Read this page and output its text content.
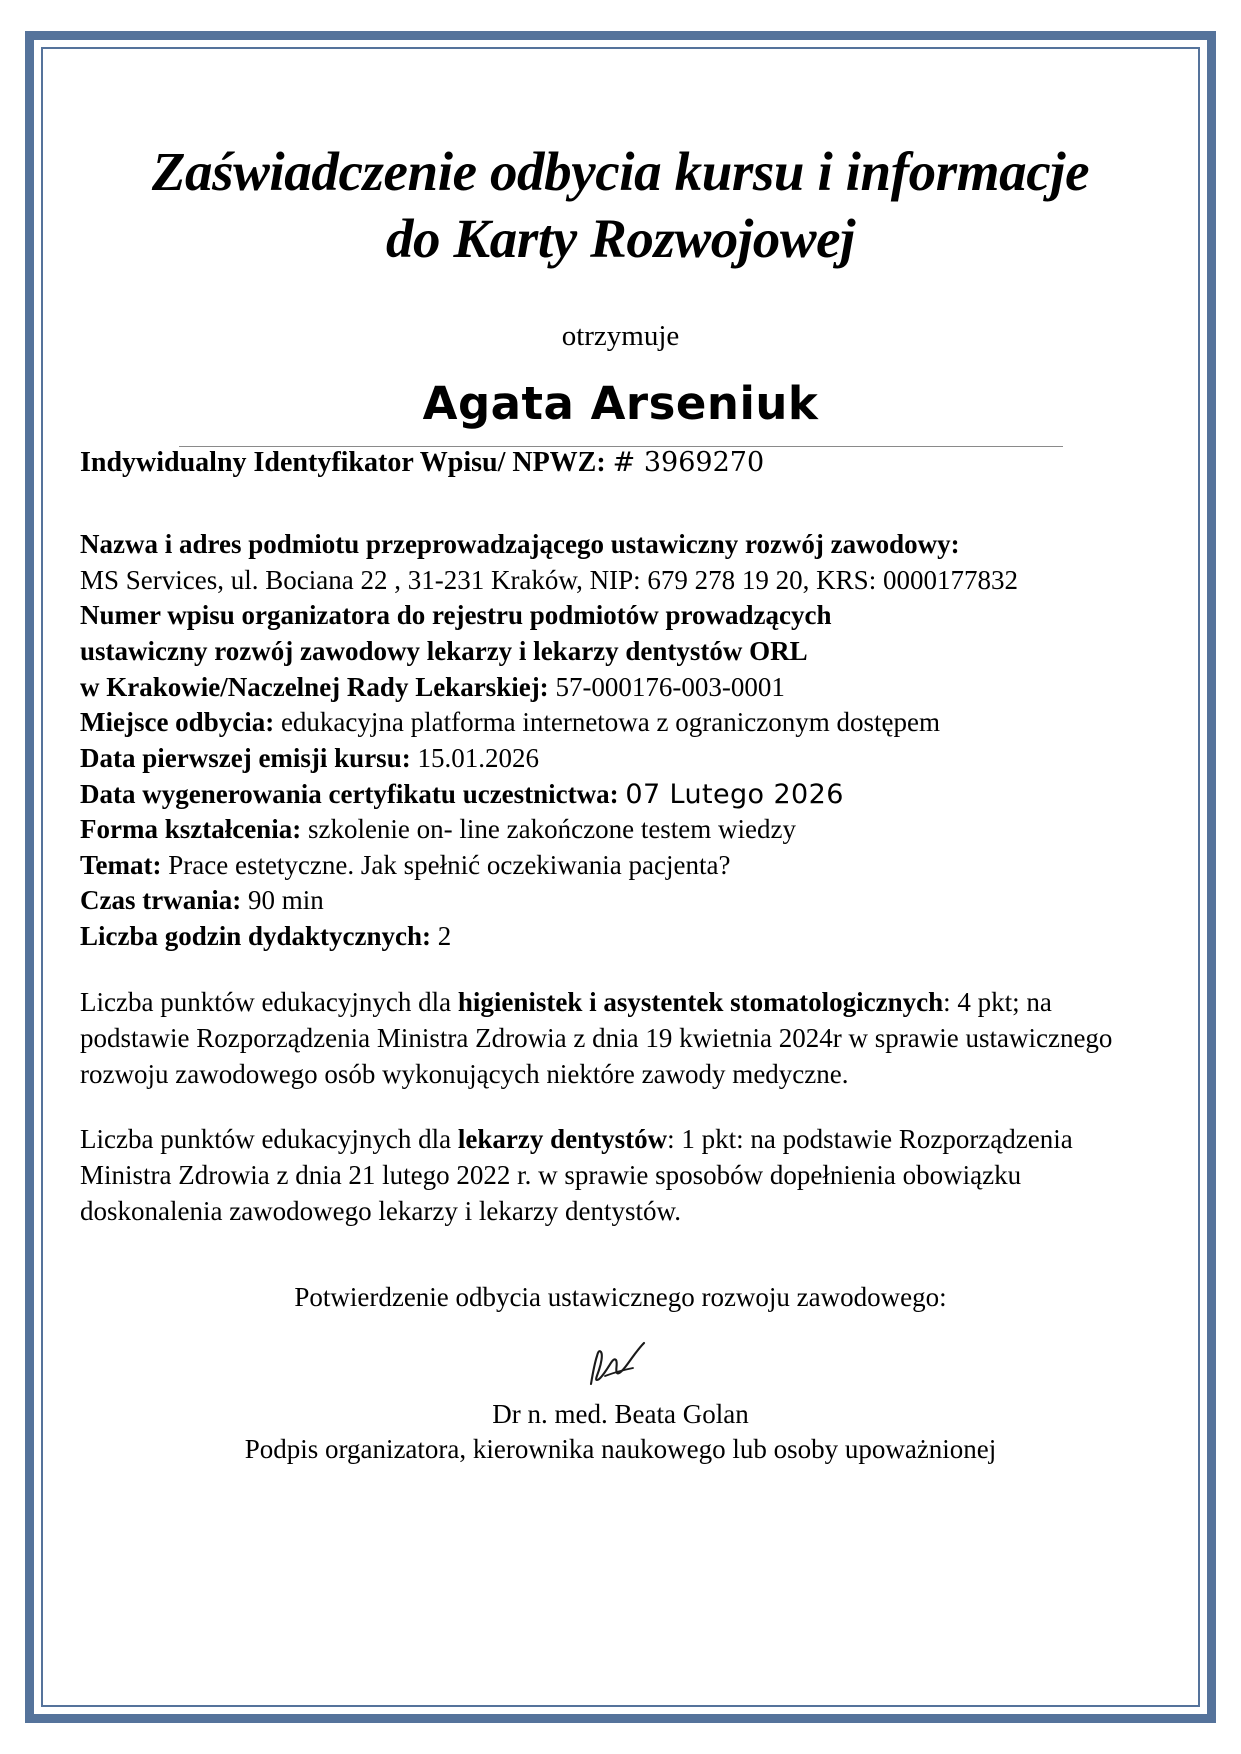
Zaświadczenie odbycia kursu i informacje
do Karty Rozwojowej
otrzymuje
Agata Arseniuk
Indywidualny Identyfikator Wpisu/ NPWZ: # 3969270
Nazwa i adres podmiotu przeprowadzającego ustawiczny rozwój zawodowy:
MS Services, ul. Bociana 22 , 31-231 Kraków, NIP: 679 278 19 20, KRS: 0000177832
Numer wpisu organizatora do rejestru podmiotów prowadzących
ustawiczny rozwój zawodowy lekarzy i lekarzy dentystów ORL
w Krakowie/Naczelnej Rady Lekarskiej: 57-000176-003-0001
Miejsce odbycia: edukacyjna platforma internetowa z ograniczonym dostępem
Data pierwszej emisji kursu: 15.01.2026
Data wygenerowania certyfikatu uczestnictwa: 07 Lutego 2026
Forma kształcenia: szkolenie on- line zakończone testem wiedzy
Temat: Prace estetyczne. Jak spełnić oczekiwania pacjenta?
Czas trwania: 90 min
Liczba godzin dydaktycznych: 2
Liczba punktów edukacyjnych dla higienistek i asystentek stomatologicznych: 4 pkt; na podstawie Rozporządzenia Ministra Zdrowia z dnia 19 kwietnia 2024r w sprawie ustawicznego rozwoju zawodowego osób wykonujących niektóre zawody medyczne.
Liczba punktów edukacyjnych dla lekarzy dentystów: 1 pkt: na podstawie Rozporządzenia Ministra Zdrowia z dnia 21 lutego 2022 r. w sprawie sposobów dopełnienia obowiązku doskonalenia zawodowego lekarzy i lekarzy dentystów.
Potwierdzenie odbycia ustawicznego rozwoju zawodowego:
Dr n. med. Beata Golan
Podpis organizatora, kierownika naukowego lub osoby upoważnionej
